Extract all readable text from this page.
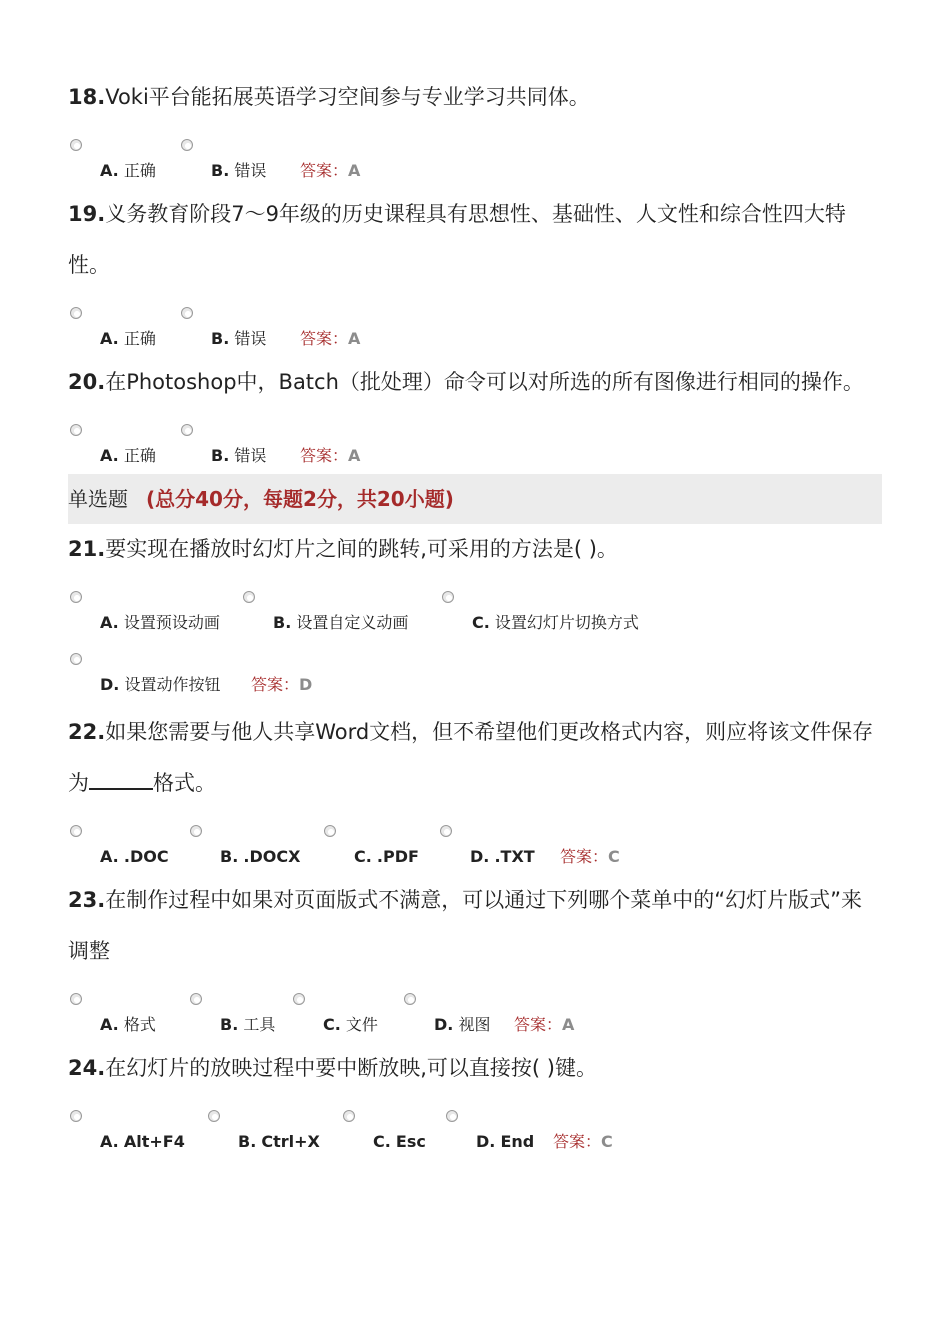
18.Voki平台能拓展英语学习空间参与专业学习共同体。

A. 正确	B. 错误 答案：A

19.义务教育阶段7～9年级的历史课程具有思想性、基础性、人文性和综合性四大特性。

A. 正确	B. 错误 答案：A

20.在Photoshop中，Batch（批处理）命令可以对所选的所有图像进行相同的操作。

A. 正确	B. 错误 答案：A
单选题 (总分40分，每题2分，共20小题)

21.要实现在播放时幻灯片之间的跳转,可采用的方法是( )。

A. 设置预设动画	B. 设置自定义动画	C. 设置幻灯片切换方式
D. 设置动作按钮 答案：D

22.如果您需要与他人共享Word文档，但不希望他们更改格式内容，则应将该文件保存为	格式。

A. .DOC	B. .DOCX	C. .PDF	D. .TXT 答案：C

23.在制作过程中如果对页面版式不满意，可以通过下列哪个菜单中的“幻灯片版式”来调整

A. 格式	B. 工具	C. 文件	D. 视图 答案：A

24.在幻灯片的放映过程中要中断放映,可以直接按( )键。

A. Alt+F4	B. Ctrl+X	C. Esc	D. End 答案：C
